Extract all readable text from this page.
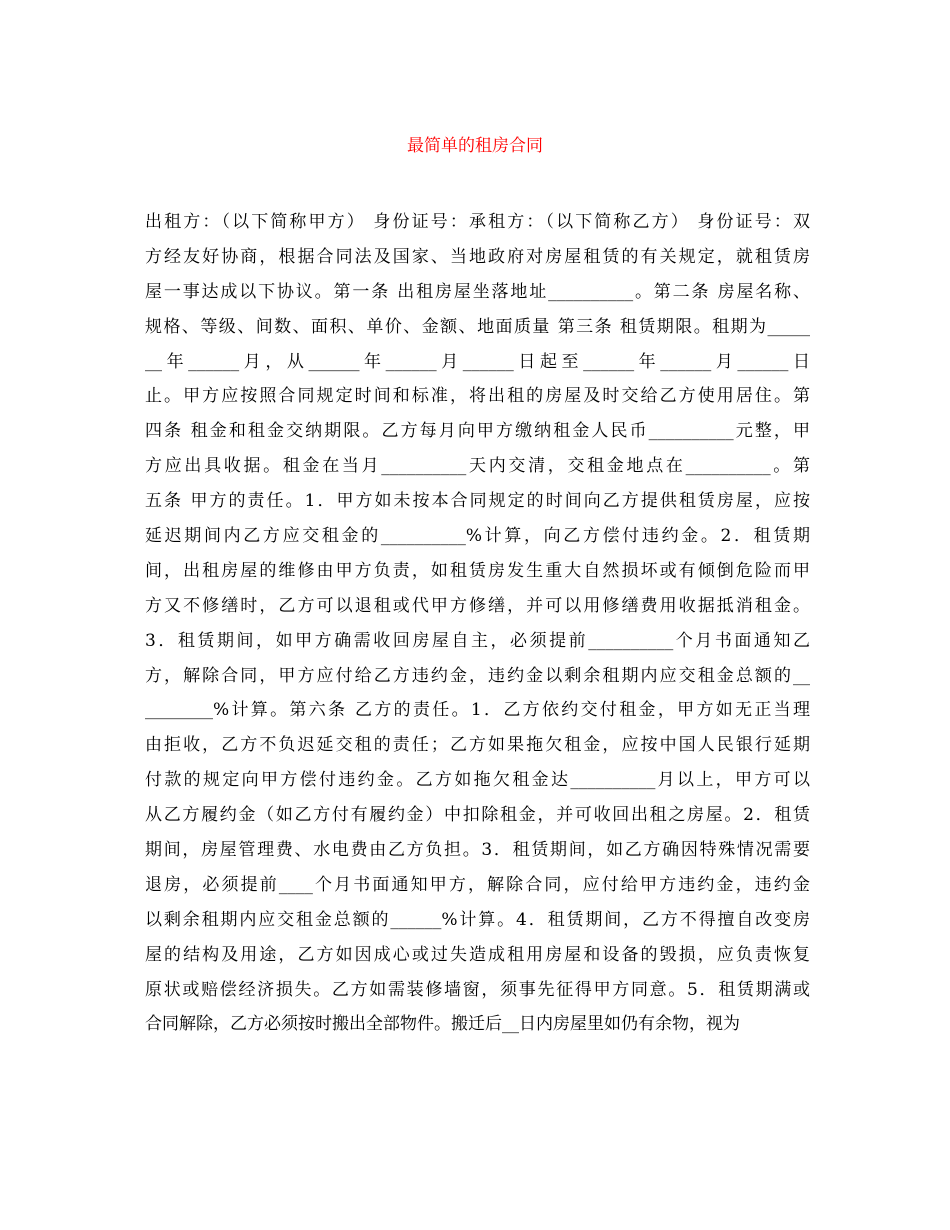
最简单的租房合同
出租方：（以下简称甲方） 身份证号：承租方：（以下简称乙方） 身份证号：双
方经友好协商，根据合同法及国家、当地政府对房屋租赁的有关规定，就租赁房
屋一事达成以下协议。第一条 出租房屋坐落地址__________。第二条 房屋名称、
规格、等级、间数、面积、单价、金额、地面质量 第三条 租赁期限。租期为_____
__年______月，从______年______月______日起至______年______月______日
止。甲方应按照合同规定时间和标准，将出租的房屋及时交给乙方使用居住。第
四条 租金和租金交纳期限。乙方每月向甲方缴纳租金人民币__________元整，甲
方应出具收据。租金在当月__________天内交清，交租金地点在__________。第
五条 甲方的责任。1．甲方如未按本合同规定的时间向乙方提供租赁房屋，应按
延迟期间内乙方应交租金的__________%计算，向乙方偿付违约金。2．租赁期
间，出租房屋的维修由甲方负责，如租赁房发生重大自然损坏或有倾倒危险而甲
方又不修缮时，乙方可以退租或代甲方修缮，并可以用修缮费用收据抵消租金。
3．租赁期间，如甲方确需收回房屋自主，必须提前__________个月书面通知乙
方，解除合同，甲方应付给乙方违约金，违约金以剩余租期内应交租金总额的__
________%计算。第六条 乙方的责任。1．乙方依约交付租金，甲方如无正当理
由拒收，乙方不负迟延交租的责任；乙方如果拖欠租金，应按中国人民银行延期
付款的规定向甲方偿付违约金。乙方如拖欠租金达__________月以上，甲方可以
从乙方履约金（如乙方付有履约金）中扣除租金，并可收回出租之房屋。2．租赁
期间，房屋管理费、水电费由乙方负担。3．租赁期间，如乙方确因特殊情况需要
退房，必须提前____个月书面通知甲方，解除合同，应付给甲方违约金，违约金
以剩余租期内应交租金总额的______%计算。4．租赁期间，乙方不得擅自改变房
屋的结构及用途，乙方如因成心或过失造成租用房屋和设备的毁损，应负责恢复
原状或赔偿经济损失。乙方如需装修墙窗，须事先征得甲方同意。5．租赁期满或
合同解除，乙方必须按时搬出全部物件。搬迁后__日内房屋里如仍有余物，视为
